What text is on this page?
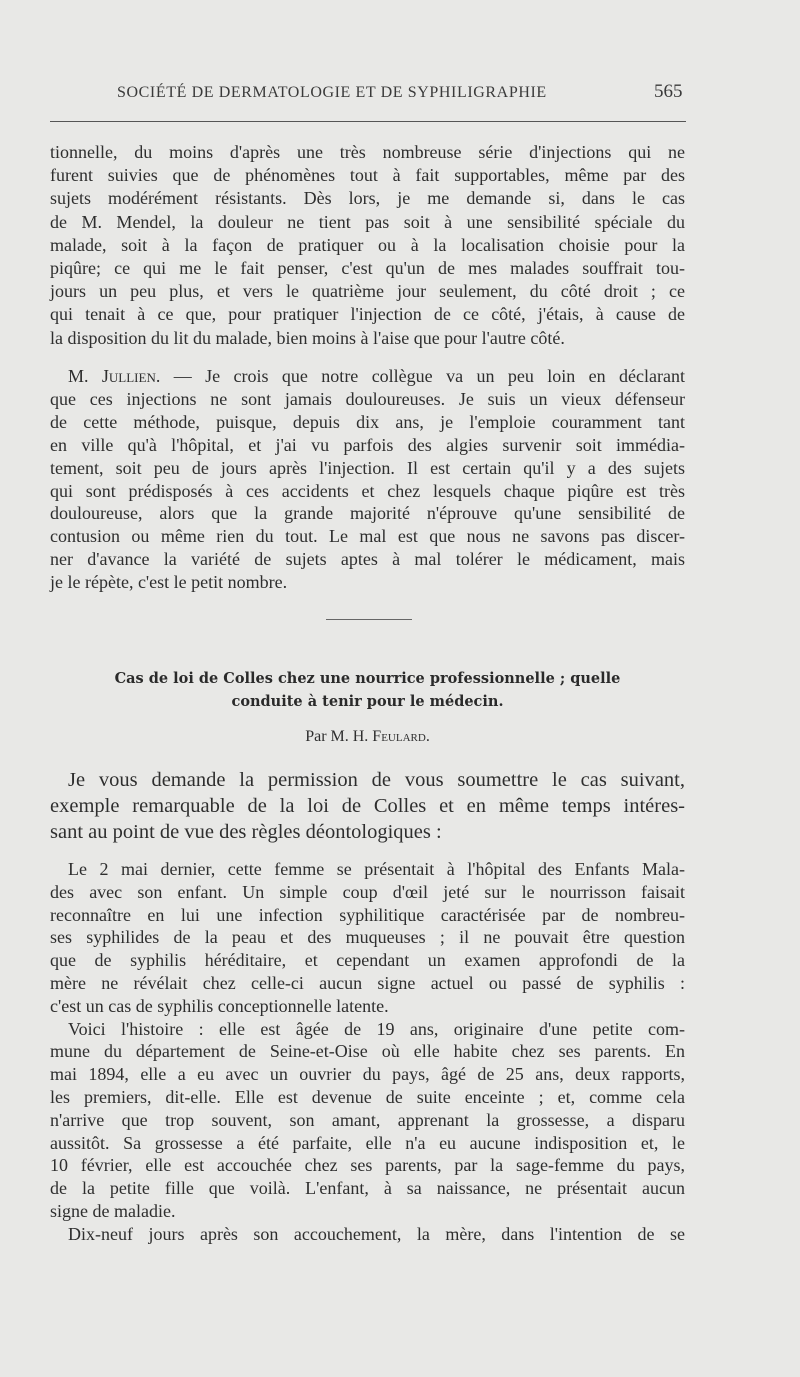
SOCIÉTÉ DE DERMATOLOGIE ET DE SYPHILIGRAPHIE	565
tionnelle, du moins d'après une très nombreuse série d'injections qui ne
furent suivies que de phénomènes tout à fait supportables, même par des
sujets modérément résistants. Dès lors, je me demande si, dans le cas
de M. Mendel, la douleur ne tient pas soit à une sensibilité spéciale du
malade, soit à la façon de pratiquer ou à la localisation choisie pour la
piqûre; ce qui me le fait penser, c'est qu'un de mes malades souffrait tou-
jours un peu plus, et vers le quatrième jour seulement, du côté droit ; ce
qui tenait à ce que, pour pratiquer l'injection de ce côté, j'étais, à cause de
la disposition du lit du malade, bien moins à l'aise que pour l'autre côté.
M. Jullien. — Je crois que notre collègue va un peu loin en déclarant
que ces injections ne sont jamais douloureuses. Je suis un vieux défenseur
de cette méthode, puisque, depuis dix ans, je l'emploie couramment tant
en ville qu'à l'hôpital, et j'ai vu parfois des algies survenir soit immédia-
tement, soit peu de jours après l'injection. Il est certain qu'il y a des sujets
qui sont prédisposés à ces accidents et chez lesquels chaque piqûre est très
douloureuse, alors que la grande majorité n'éprouve qu'une sensibilité de
contusion ou même rien du tout. Le mal est que nous ne savons pas discer-
ner d'avance la variété de sujets aptes à mal tolérer le médicament, mais
je le répète, c'est le petit nombre.
Cas de loi de Colles chez une nourrice professionnelle ; quelle
conduite à tenir pour le médecin.
Par M. H. Feulard.
Je vous demande la permission de vous soumettre le cas suivant,
exemple remarquable de la loi de Colles et en même temps intéres-
sant au point de vue des règles déontologiques :
Le 2 mai dernier, cette femme se présentait à l'hôpital des Enfants Mala-
des avec son enfant. Un simple coup d'œil jeté sur le nourrisson faisait
reconnaître en lui une infection syphilitique caractérisée par de nombreu-
ses syphilides de la peau et des muqueuses ; il ne pouvait être question
que de syphilis héréditaire, et cependant un examen approfondi de la
mère ne révélait chez celle-ci aucun signe actuel ou passé de syphilis :
c'est un cas de syphilis conceptionnelle latente.
Voici l'histoire : elle est âgée de 19 ans, originaire d'une petite com-
mune du département de Seine-et-Oise où elle habite chez ses parents. En
mai 1894, elle a eu avec un ouvrier du pays, âgé de 25 ans, deux rapports,
les premiers, dit-elle. Elle est devenue de suite enceinte ; et, comme cela
n'arrive que trop souvent, son amant, apprenant la grossesse, a disparu
aussitôt. Sa grossesse a été parfaite, elle n'a eu aucune indisposition et, le
10 février, elle est accouchée chez ses parents, par la sage-femme du pays,
de la petite fille que voilà. L'enfant, à sa naissance, ne présentait aucun
signe de maladie.
Dix-neuf jours après son accouchement, la mère, dans l'intention de se
